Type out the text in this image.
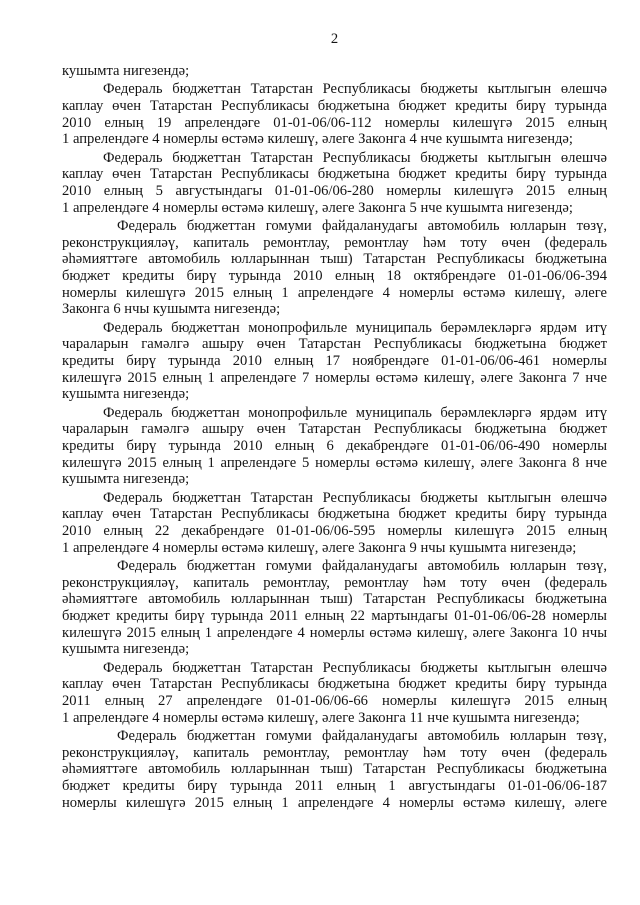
2
кушымта нигезендә;
Федераль бюджеттан Татарстан Республикасы бюджеты кытлыгын өлешчә
каплау өчен Татарстан Республикасы бюджетына бюджет кредиты бирү турында
2010 елның 19 апрелендәге 01-01-06/06-112 номерлы килешүгә 2015 елның
1 апрелендәге 4 номерлы өстәмә килешү, әлеге Законга 4 нче кушымта нигезендә;
Федераль бюджеттан Татарстан Республикасы бюджеты кытлыгын өлешчә
каплау өчен Татарстан Республикасы бюджетына бюджет кредиты бирү турында
2010 елның 5 августындагы 01-01-06/06-280 номерлы килешүгә 2015 елның
1 апрелендәге 4 номерлы өстәмә килешү, әлеге Законга 5 нче кушымта нигезендә;
Федераль бюджеттан гомуми файдаланудагы автомобиль юлларын төзү,
реконструкцияләү, капиталь ремонтлау, ремонтлау һәм тоту өчен (федераль
әһәмияттәге автомобиль юлларыннан тыш) Татарстан Республикасы бюджетына
бюджет кредиты бирү турында 2010 елның 18 октябрендәге 01-01-06/06-394
номерлы килешүгә 2015 елның 1 апрелендәге 4 номерлы өстәмә килешү, әлеге
Законга 6 нчы кушымта нигезендә;
Федераль бюджеттан монопрофильле муниципаль берәмлекләргә ярдәм итү
чараларын гамәлгә ашыру өчен Татарстан Республикасы бюджетына бюджет
кредиты бирү турында 2010 елның 17 ноябрендәге 01-01-06/06-461 номерлы
килешүгә 2015 елның 1 апрелендәге 7 номерлы өстәмә килешү, әлеге Законга 7 нче
кушымта нигезендә;
Федераль бюджеттан монопрофильле муниципаль берәмлекләргә ярдәм итү
чараларын гамәлгә ашыру өчен Татарстан Республикасы бюджетына бюджет
кредиты бирү турында 2010 елның 6 декабрендәге 01-01-06/06-490 номерлы
килешүгә 2015 елның 1 апрелендәге 5 номерлы өстәмә килешү, әлеге Законга 8 нче
кушымта нигезендә;
Федераль бюджеттан Татарстан Республикасы бюджеты кытлыгын өлешчә
каплау өчен Татарстан Республикасы бюджетына бюджет кредиты бирү турында
2010 елның 22 декабрендәге 01-01-06/06-595 номерлы килешүгә 2015 елның
1 апрелендәге 4 номерлы өстәмә килешү, әлеге Законга 9 нчы кушымта нигезендә;
Федераль бюджеттан гомуми файдаланудагы автомобиль юлларын төзү,
реконструкцияләү, капиталь ремонтлау, ремонтлау һәм тоту өчен (федераль
әһәмияттәге автомобиль юлларыннан тыш) Татарстан Республикасы бюджетына
бюджет кредиты бирү турында 2011 елның 22 мартындагы 01-01-06/06-28 номерлы
килешүгә 2015 елның 1 апрелендәге 4 номерлы өстәмә килешү, әлеге Законга 10 нчы
кушымта нигезендә;
Федераль бюджеттан Татарстан Республикасы бюджеты кытлыгын өлешчә
каплау өчен Татарстан Республикасы бюджетына бюджет кредиты бирү турында
2011 елның 27 апрелендәге 01-01-06/06-66 номерлы килешүгә 2015 елның
1 апрелендәге 4 номерлы өстәмә килешү, әлеге Законга 11 нче кушымта нигезендә;
Федераль бюджеттан гомуми файдаланудагы автомобиль юлларын төзү,
реконструкцияләү, капиталь ремонтлау, ремонтлау һәм тоту өчен (федераль
әһәмияттәге автомобиль юлларыннан тыш) Татарстан Республикасы бюджетына
бюджет кредиты бирү турында 2011 елның 1 августындагы 01-01-06/06-187
номерлы килешүгә 2015 елның 1 апрелендәге 4 номерлы өстәмә килешү, әлеге
